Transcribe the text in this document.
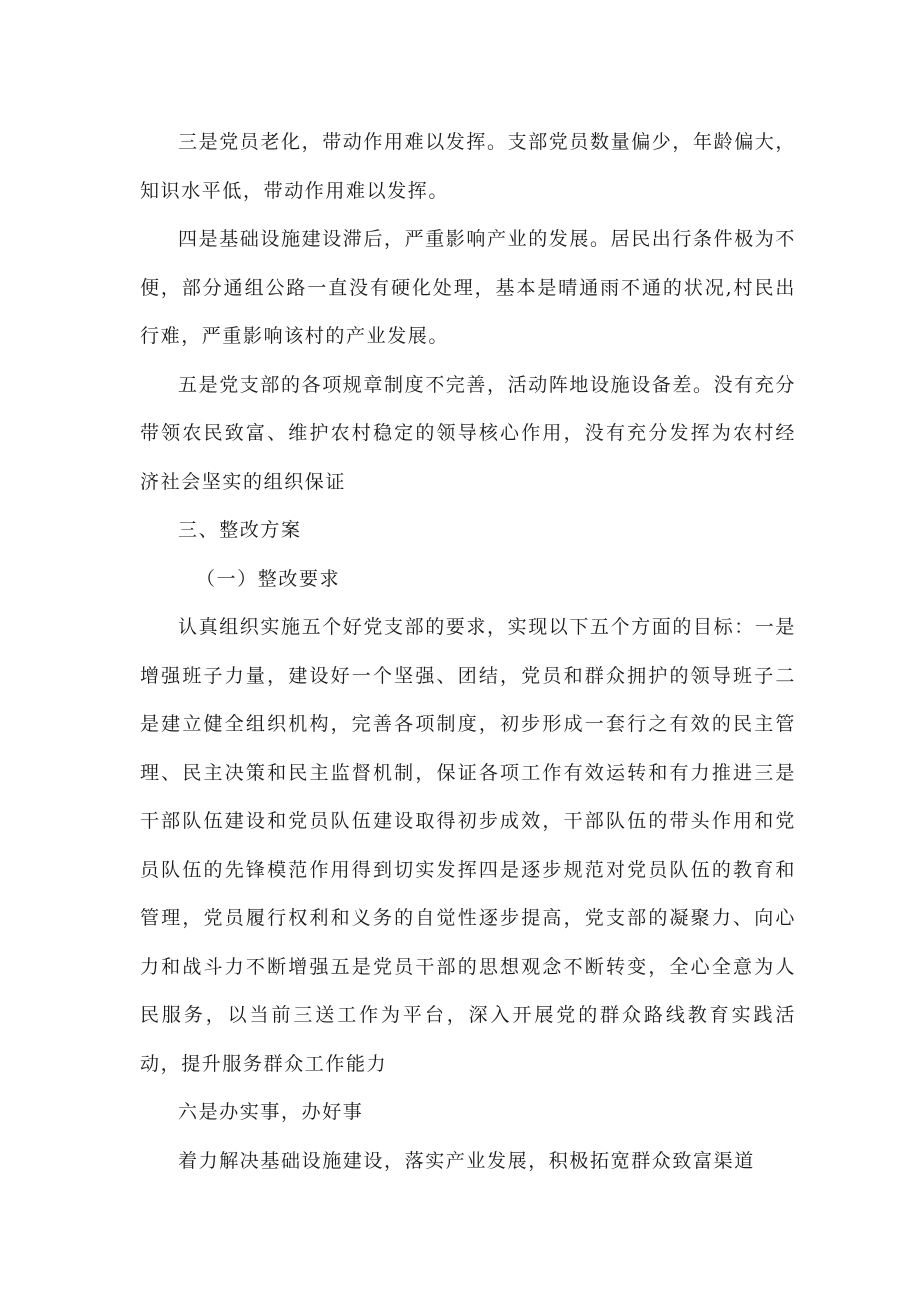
三是党员老化，带动作用难以发挥。支部党员数量偏少，年龄偏大，知识水平低，带动作用难以发挥。

四是基础设施建设滞后，严重影响产业的发展。居民出行条件极为不便，部分通组公路一直没有硬化处理，基本是晴通雨不通的状况,村民出行难，严重影响该村的产业发展。

五是党支部的各项规章制度不完善，活动阵地设施设备差。没有充分带领农民致富、维护农村稳定的领导核心作用，没有充分发挥为农村经济社会坚实的组织保证

三、整改方案

（一）整改要求

认真组织实施五个好党支部的要求，实现以下五个方面的目标：一是增强班子力量，建设好一个坚强、团结，党员和群众拥护的领导班子二是建立健全组织机构，完善各项制度，初步形成一套行之有效的民主管理、民主决策和民主监督机制，保证各项工作有效运转和有力推进三是干部队伍建设和党员队伍建设取得初步成效，干部队伍的带头作用和党员队伍的先锋模范作用得到切实发挥四是逐步规范对党员队伍的教育和管理，党员履行权利和义务的自觉性逐步提高，党支部的凝聚力、向心力和战斗力不断增强五是党员干部的思想观念不断转变，全心全意为人民服务，以当前三送工作为平台，深入开展党的群众路线教育实践活动，提升服务群众工作能力

六是办实事，办好事

着力解决基础设施建设，落实产业发展，积极拓宽群众致富渠道
